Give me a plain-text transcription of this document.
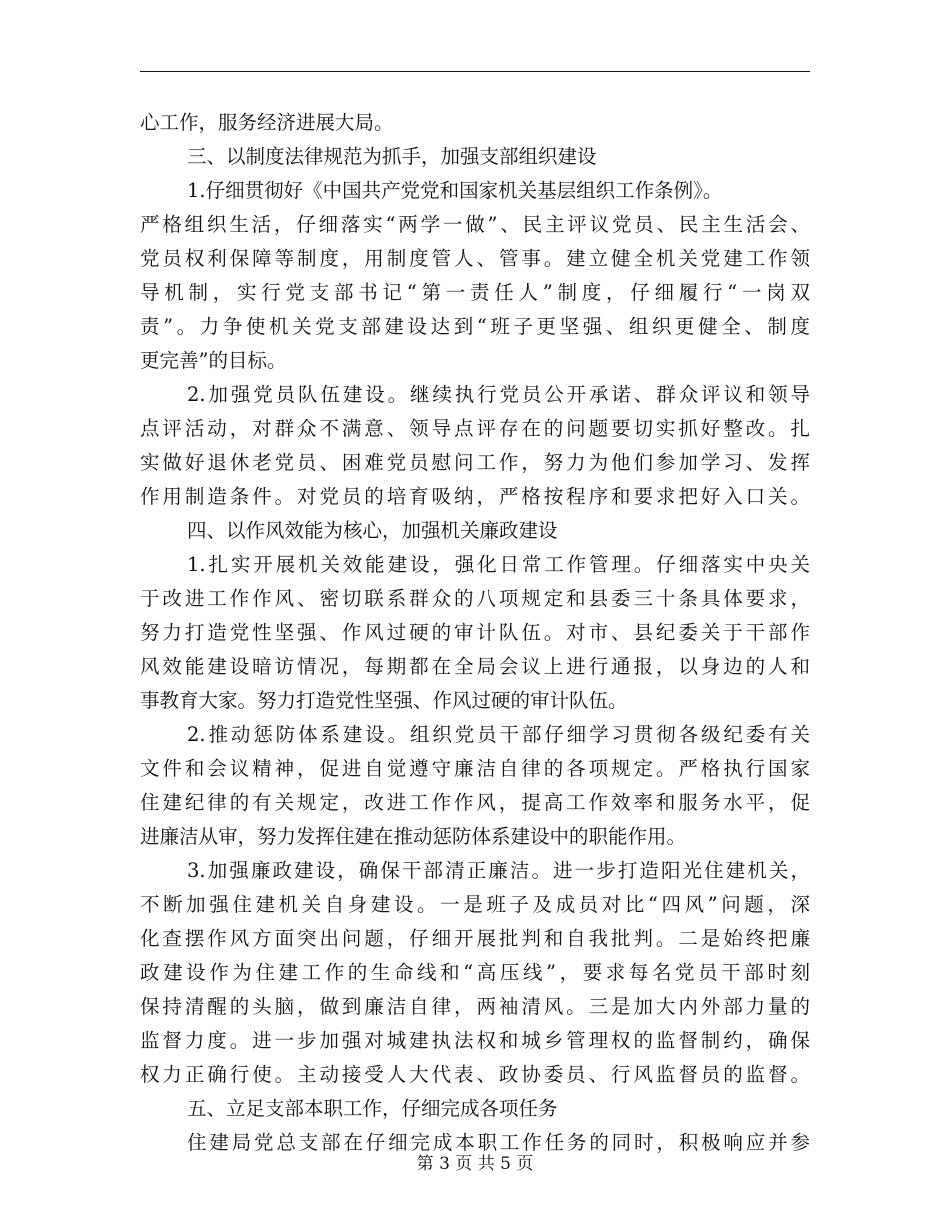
心工作，服务经济进展大局。
三、以制度法律规范为抓手，加强支部组织建设
1.仔细贯彻好《中国共产党党和国家机关基层组织工作条例》。
严格组织生活，仔细落实“两学一做”、民主评议党员、民主生活会、
党员权利保障等制度，用制度管人、管事。建立健全机关党建工作领
导机制，实行党支部书记“第一责任人”制度，仔细履行“一岗双
责”。力争使机关党支部建设达到“班子更坚强、组织更健全、制度
更完善”的目标。
2.加强党员队伍建设。继续执行党员公开承诺、群众评议和领导
点评活动，对群众不满意、领导点评存在的问题要切实抓好整改。扎
实做好退休老党员、困难党员慰问工作，努力为他们参加学习、发挥
作用制造条件。对党员的培育吸纳，严格按程序和要求把好入口关。
四、以作风效能为核心，加强机关廉政建设
1.扎实开展机关效能建设，强化日常工作管理。仔细落实中央关
于改进工作作风、密切联系群众的八项规定和县委三十条具体要求，
努力打造党性坚强、作风过硬的审计队伍。对市、县纪委关于干部作
风效能建设暗访情况，每期都在全局会议上进行通报，以身边的人和
事教育大家。努力打造党性坚强、作风过硬的审计队伍。
2.推动惩防体系建设。组织党员干部仔细学习贯彻各级纪委有关
文件和会议精神，促进自觉遵守廉洁自律的各项规定。严格执行国家
住建纪律的有关规定，改进工作作风，提高工作效率和服务水平，促
进廉洁从审，努力发挥住建在推动惩防体系建设中的职能作用。
3.加强廉政建设，确保干部清正廉洁。进一步打造阳光住建机关，
不断加强住建机关自身建设。一是班子及成员对比“四风”问题，深
化查摆作风方面突出问题，仔细开展批判和自我批判。二是始终把廉
政建设作为住建工作的生命线和“高压线”，要求每名党员干部时刻
保持清醒的头脑，做到廉洁自律，两袖清风。三是加大内外部力量的
监督力度。进一步加强对城建执法权和城乡管理权的监督制约，确保
权力正确行使。主动接受人大代表、政协委员、行风监督员的监督。
五、立足支部本职工作，仔细完成各项任务
住建局党总支部在仔细完成本职工作任务的同时，积极响应并参
第 3 页 共 5 页
